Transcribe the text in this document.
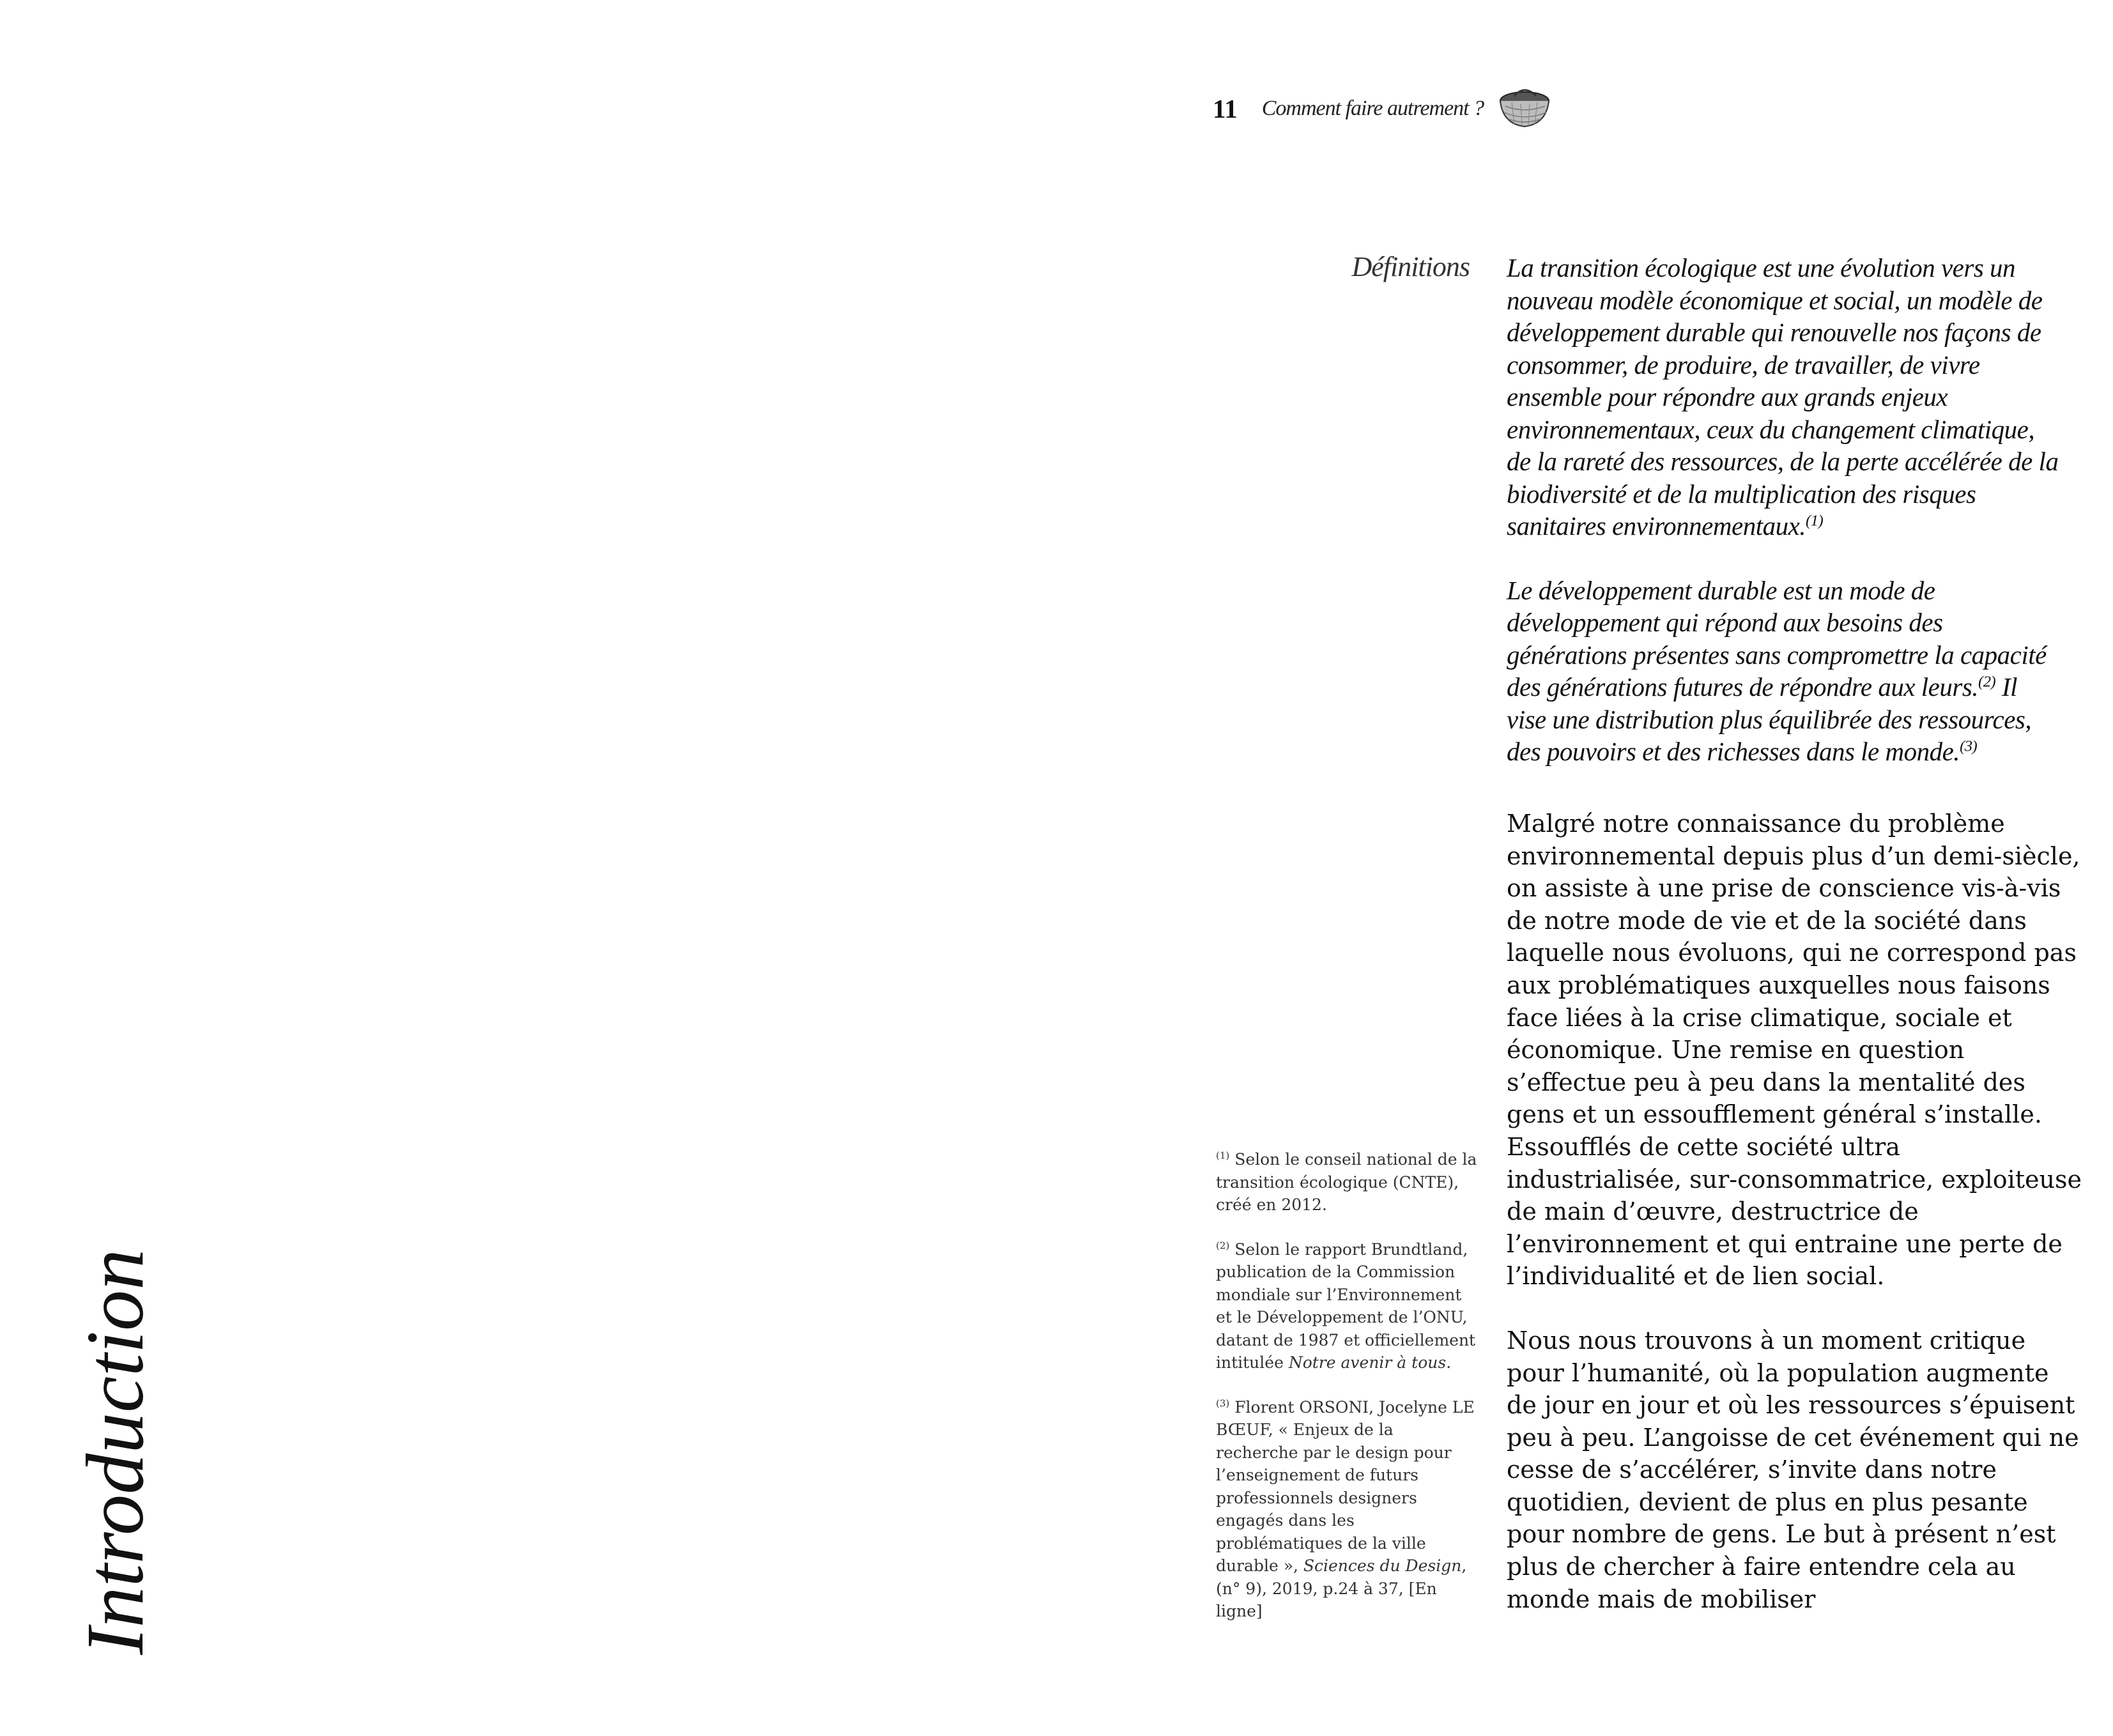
Introduction
11 Comment faire autrement ?
Définitions La transition écologique est une évolution vers un nouveau modèle économique et social, un modèle de développement durable qui renouvelle nos façons de consommer, de produire, de travailler, de vivre ensemble pour répondre aux grands enjeux environnementaux, ceux du changement climatique, de la rareté des ressources, de la perte accélérée de la biodiversité et de la multiplication des risques sanitaires environnementaux.$^{(1)}$

Le développement durable est un mode de développement qui répond aux besoins des générations présentes sans compromettre la capacité des générations futures de répondre aux leurs.$^{(2)}$ Il vise une distribution plus équilibrée des ressources, des pouvoirs et des richesses dans le monde.$^{(3)}$

Malgré notre connaissance du problème environnemental depuis plus d’un demi-siècle, on assiste à une prise de conscience vis-à-vis de notre mode de vie et de la société dans laquelle nous évoluons, qui ne correspond pas aux problématiques auxquelles nous faisons face liées à la crise climatique, sociale et économique. Une remise en question s’effectue peu à peu dans la mentalité des gens et un essoufflement général s’installe. Essoufflés de cette société ultra industrialisée, sur-consommatrice, exploiteuse de main d’œuvre, destructrice de l’environnement et qui entraine une perte de l’individualité et de lien social.

Nous nous trouvons à un moment critique pour l’humanité, où la population augmente de jour en jour et où les ressources s’épuisent peu à peu. L’angoisse de cet événement qui ne cesse de s’accélérer, s’invite dans notre quotidien, devient de plus en plus pesante pour nombre de gens. Le but à présent n’est plus de chercher à faire entendre cela au monde mais de mobiliser

$^{(1)}$ Selon le conseil national de la transition écologique (CNTE), créé en 2012.
$^{(2)}$ Selon le rapport Brundtland, publication de la Commission mondiale sur l’Environnement et le Développement de l’ONU, datant de 1987 et officiellement intitulée Notre avenir à tous.
$^{(3)}$ Florent ORSONI, Jocelyne LE BŒUF, « Enjeux de la recherche par le design pour l’enseignement de futurs professionnels designers engagés dans les problématiques de la ville durable », Sciences du Design, (n° 9), 2019, p.24 à 37, [En ligne]
